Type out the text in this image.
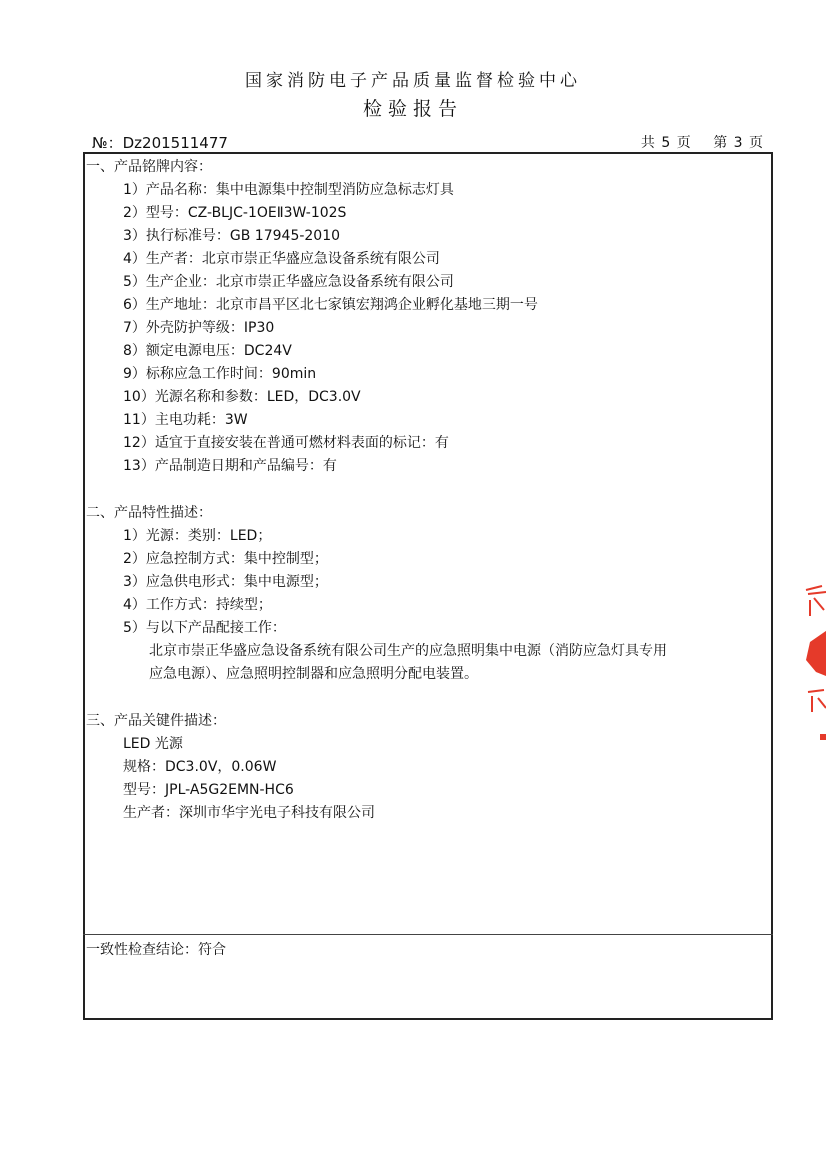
国家消防电子产品质量监督检验中心
检验报告
№：Dz201511477	共 5 页 第 3 页
一、产品铭牌内容：
1）产品名称：集中电源集中控制型消防应急标志灯具
2）型号：CZ-BLJC-1OEⅡ3W-102S
3）执行标准号：GB 17945-2010
4）生产者：北京市崇正华盛应急设备系统有限公司
5）生产企业：北京市崇正华盛应急设备系统有限公司
6）生产地址：北京市昌平区北七家镇宏翔鸿企业孵化基地三期一号
7）外壳防护等级：IP30
8）额定电源电压：DC24V
9）标称应急工作时间：90min
10）光源名称和参数：LED，DC3.0V
11）主电功耗：3W
12）适宜于直接安装在普通可燃材料表面的标记：有
13）产品制造日期和产品编号：有
二、产品特性描述：
1）光源：类别：LED；
2）应急控制方式：集中控制型；
3）应急供电形式：集中电源型；
4）工作方式：持续型；
5）与以下产品配接工作：
北京市崇正华盛应急设备系统有限公司生产的应急照明集中电源（消防应急灯具专用
应急电源）、应急照明控制器和应急照明分配电装置。
三、产品关键件描述：
LED 光源
规格：DC3.0V，0.06W
型号：JPL-A5G2EMN-HC6
生产者：深圳市华宇光电子科技有限公司
一致性检查结论：符合
